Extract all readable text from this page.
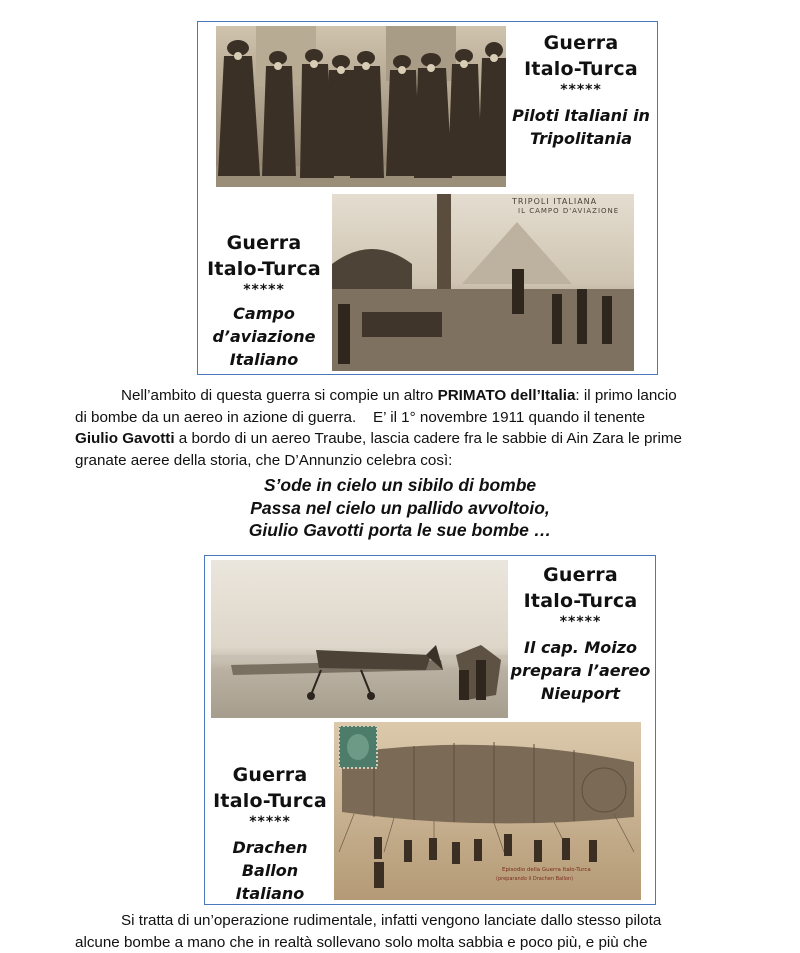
Guerra
Italo-Turca
*****
Piloti Italiani in
Tripolitania
Guerra
Italo-Turca
*****
Campo
d’aviazione
Italiano
TRIPOLI ITALIANA
IL CAMPO D'AVIAZIONE
Nell’ambito di questa guerra si compie un altro PRIMATO dell’Italia: il primo lancio
di bombe da un aereo in azione di guerra.    E’ il 1° novembre 1911 quando il tenente
Giulio Gavotti a bordo di un aereo Traube, lascia cadere fra le sabbie di Ain Zara le prime
granate aeree della storia, che D’Annunzio celebra così:
S’ode in cielo un sibilo di bombe
Passa nel cielo un pallido avvoltoio,
Giulio Gavotti porta le sue bombe …
Guerra
Italo-Turca
*****
Il cap. Moizo
prepara l’aereo
Nieuport
Guerra
Italo-Turca
*****
Drachen
Ballon Italiano
Episodio della Guerra Italo-Turca
(preparando il Drachen Ballon)
Si tratta di un’operazione rudimentale, infatti vengono lanciate dallo stesso pilota
alcune bombe a mano che in realtà sollevano solo molta sabbia e poco più, e più che
